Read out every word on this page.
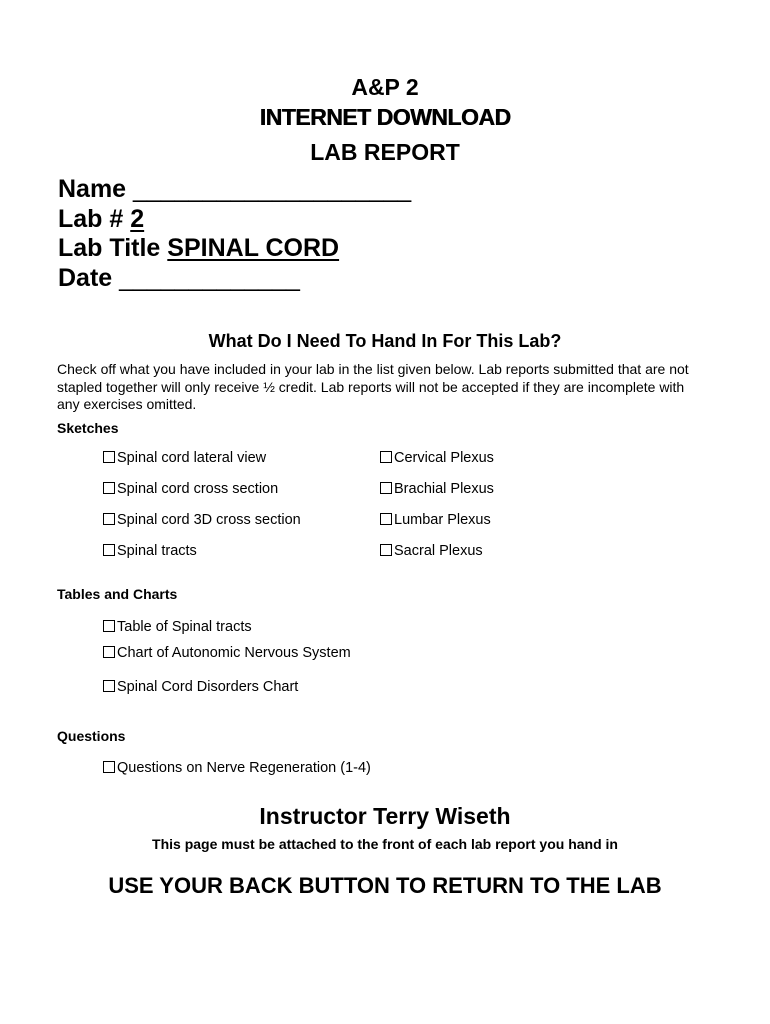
A&P 2
INTERNET DOWNLOAD
LAB REPORT
Name ____________________
Lab # 2
Lab Title SPINAL CORD
Date _____________
What Do I Need To Hand In For This Lab?
Check off what you have included in your lab in the list given below. Lab reports submitted that are not stapled together will only receive ½ credit. Lab reports will not be accepted if they are incomplete with any exercises omitted.
Sketches
Spinal cord lateral view
Spinal cord cross section
Spinal cord 3D cross section
Spinal tracts
Cervical Plexus
Brachial Plexus
Lumbar Plexus
Sacral Plexus
Tables and Charts
Table of Spinal tracts
Chart of Autonomic Nervous System
Spinal Cord Disorders Chart
Questions
Questions on Nerve Regeneration (1-4)
Instructor Terry Wiseth
This page must be attached to the front of each lab report you hand in
USE YOUR BACK BUTTON TO RETURN TO THE LAB
